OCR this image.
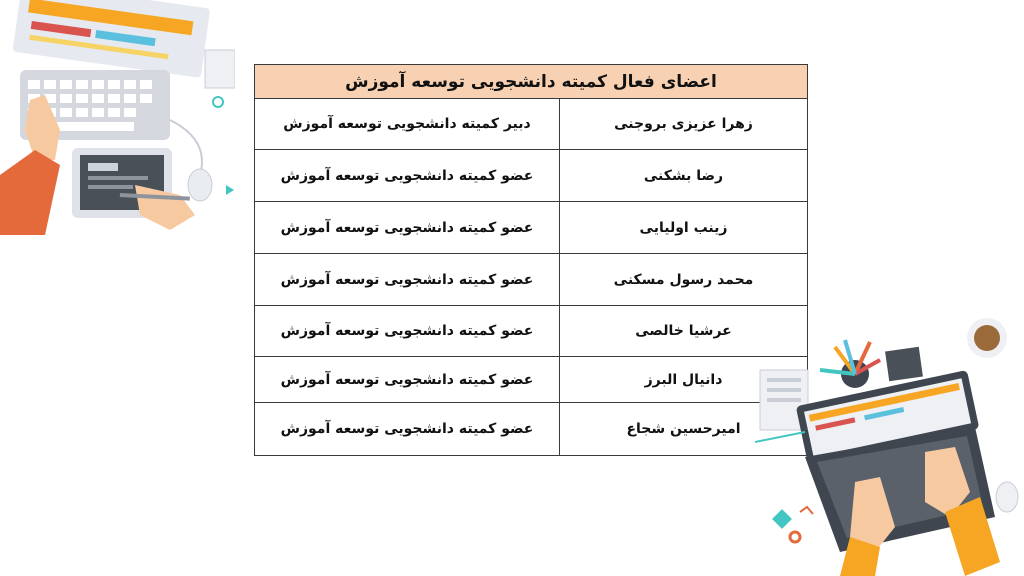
اعضای فعال کمیته دانشجویی توسعه آموزش	
زهرا عزیزی بروجنی	دبیر کمیته دانشجویی توسعه آموزش
رضا بشکنی	عضو کمیته دانشجویی توسعه آموزش
زینب اولیایی	عضو کمیته دانشجویی توسعه آموزش
محمد رسول مسکنی	عضو کمیته دانشجویی توسعه آموزش
عرشیا خالصی	عضو کمیته دانشجویی توسعه آموزش
دانیال البرز	عضو کمیته دانشجویی توسعه آموزش
امیرحسین شجاع	عضو کمیته دانشجویی توسعه آموزش
